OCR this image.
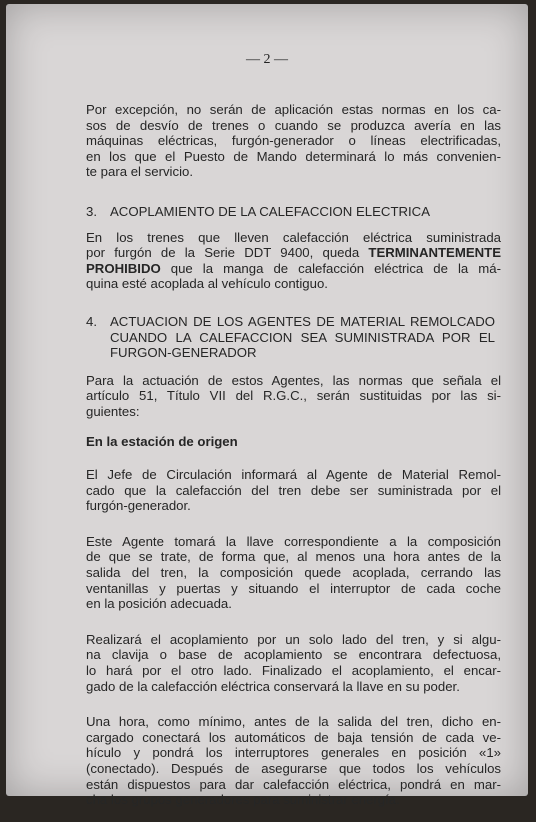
— 2 —
Por excepción, no serán de aplicación estas normas en los ca-
sos de desvío de trenes o cuando se produzca avería en las
máquinas eléctricas, furgón-generador o líneas electrificadas,
en los que el Puesto de Mando determinará lo más convenien-
te para el servicio.
3. ACOPLAMIENTO DE LA CALEFACCION ELECTRICA
En los trenes que lleven calefacción eléctrica suministrada
por furgón de la Serie DDT 9400, queda TERMINANTEMENTE
PROHIBIDO que la manga de calefacción eléctrica de la má-
quina esté acoplada al vehículo contiguo.
4. ACTUACION DE LOS AGENTES DE MATERIAL REMOLCADO
CUANDO LA CALEFACCION SEA SUMINISTRADA POR EL
FURGON-GENERADOR
Para la actuación de estos Agentes, las normas que señala el
artículo 51, Título VII del R.G.C., serán sustituidas por las si-
guientes:
En la estación de origen
El Jefe de Circulación informará al Agente de Material Remol-
cado que la calefacción del tren debe ser suministrada por el
furgón-generador.
Este Agente tomará la llave correspondiente a la composición
de que se trate, de forma que, al menos una hora antes de la
salida del tren, la composición quede acoplada, cerrando las
ventanillas y puertas y situando el interruptor de cada coche
en la posición adecuada.
Realizará el acoplamiento por un solo lado del tren, y si algu-
na clavija o base de acoplamiento se encontrara defectuosa,
lo hará por el otro lado. Finalizado el acoplamiento, el encar-
gado de la calefacción eléctrica conservará la llave en su poder.
Una hora, como mínimo, antes de la salida del tren, dicho en-
cargado conectará los automáticos de baja tensión de cada ve-
hículo y pondrá los interruptores generales en posición «1»
(conectado). Después de asegurarse que todos los vehículos
están dispuestos para dar calefacción eléctrica, pondrá en mar-
cha los grupos generadores para suministrar energía.
